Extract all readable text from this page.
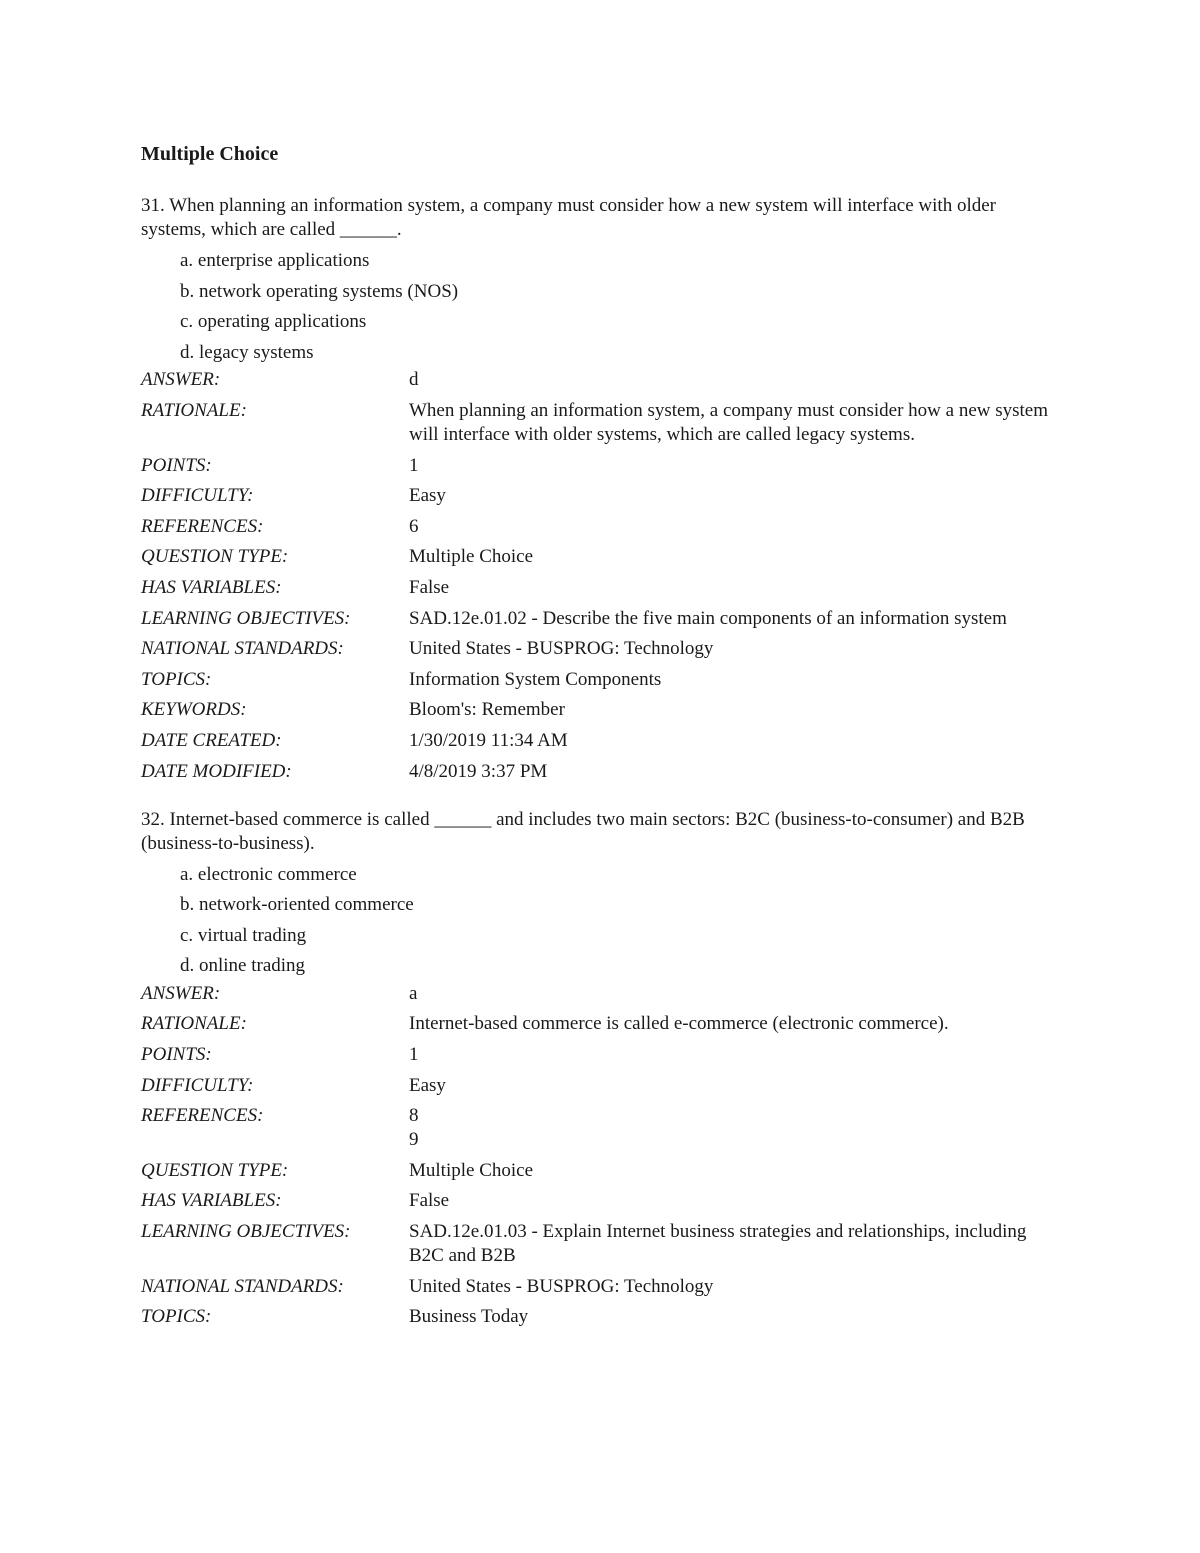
Multiple Choice
31. When planning an information system, a company must consider how a new system will interface with older systems, which are called ______.
a. enterprise applications
b. network operating systems (NOS)
c. operating applications
d. legacy systems
ANSWER:	d
RATIONALE:	When planning an information system, a company must consider how a new system will interface with older systems, which are called legacy systems.
POINTS:	1
DIFFICULTY:	Easy
REFERENCES:	6
QUESTION TYPE:	Multiple Choice
HAS VARIABLES:	False
LEARNING OBJECTIVES:	SAD.12e.01.02 - Describe the five main components of an information system
NATIONAL STANDARDS:	United States - BUSPROG: Technology
TOPICS:	Information System Components
KEYWORDS:	Bloom's: Remember
DATE CREATED:	1/30/2019 11:34 AM
DATE MODIFIED:	4/8/2019 3:37 PM
32. Internet-based commerce is called ______ and includes two main sectors: B2C (business-to-consumer) and B2B (business-to-business).
a. electronic commerce
b. network-oriented commerce
c. virtual trading
d. online trading
ANSWER:	a
RATIONALE:	Internet-based commerce is called e-commerce (electronic commerce).
POINTS:	1
DIFFICULTY:	Easy
REFERENCES:	8
9
QUESTION TYPE:	Multiple Choice
HAS VARIABLES:	False
LEARNING OBJECTIVES:	SAD.12e.01.03 - Explain Internet business strategies and relationships, including B2C and B2B
NATIONAL STANDARDS:	United States - BUSPROG: Technology
TOPICS:	Business Today
